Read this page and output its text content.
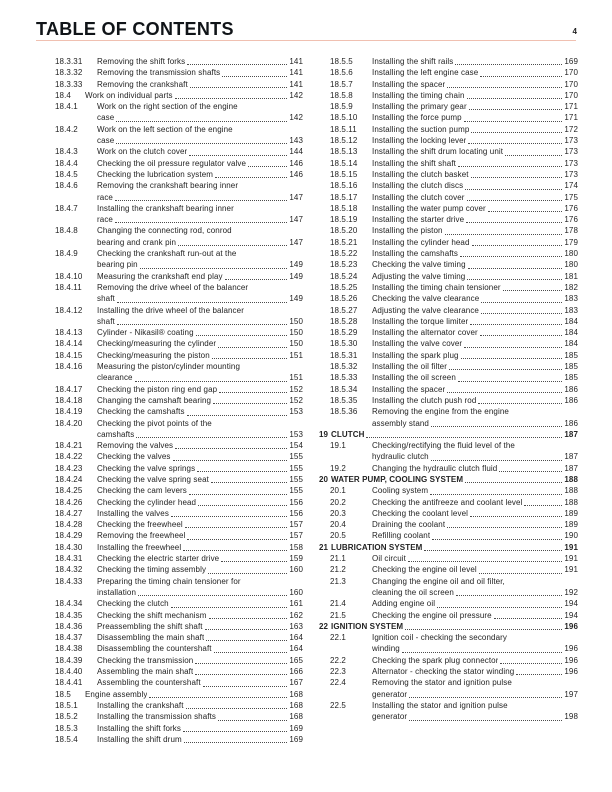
TABLE OF CONTENTS	4
18.3.31	Removing the shift forks	141
18.3.32	Removing the transmission shafts	141
18.3.33	Removing the crankshaft	141
18.4	Work on individual parts	142
18.4.1	Work on the right section of the engine
case	142
18.4.2	Work on the left section of the engine
case	143
18.4.3	Work on the clutch cover	144
18.4.4	Checking the oil pressure regulator valve	146
18.4.5	Checking the lubrication system	146
18.4.6	Removing the crankshaft bearing inner
race	147
18.4.7	Installing the crankshaft bearing inner
race	147
18.4.8	Changing the connecting rod, conrod
bearing and crank pin	147
18.4.9	Checking the crankshaft run-out at the
bearing pin	149
18.4.10	Measuring the crankshaft end play	149
18.4.11	Removing the drive wheel of the balancer
shaft	149
18.4.12	Installing the drive wheel of the balancer
shaft	150
18.4.13	Cylinder - Nikasil® coating	150
18.4.14	Checking/measuring the cylinder	150
18.4.15	Checking/measuring the piston	151
18.4.16	Measuring the piston/cylinder mounting
clearance	151
18.4.17	Checking the piston ring end gap	152
18.4.18	Changing the camshaft bearing	152
18.4.19	Checking the camshafts	153
18.4.20	Checking the pivot points of the
camshafts	153
18.4.21	Removing the valves	154
18.4.22	Checking the valves	155
18.4.23	Checking the valve springs	155
18.4.24	Checking the valve spring seat	155
18.4.25	Checking the cam levers	155
18.4.26	Checking the cylinder head	156
18.4.27	Installing the valves	156
18.4.28	Checking the freewheel	157
18.4.29	Removing the freewheel	157
18.4.30	Installing the freewheel	158
18.4.31	Checking the electric starter drive	159
18.4.32	Checking the timing assembly	160
18.4.33	Preparing the timing chain tensioner for
installation	160
18.4.34	Checking the clutch	161
18.4.35	Checking the shift mechanism	162
18.4.36	Preassembling the shift shaft	163
18.4.37	Disassembling the main shaft	164
18.4.38	Disassembling the countershaft	164
18.4.39	Checking the transmission	165
18.4.40	Assembling the main shaft	166
18.4.41	Assembling the countershaft	167
18.5	Engine assembly	168
18.5.1	Installing the crankshaft	168
18.5.2	Installing the transmission shafts	168
18.5.3	Installing the shift forks	169
18.5.4	Installing the shift drum	169
18.5.5	Installing the shift rails	169
18.5.6	Installing the left engine case	170
18.5.7	Installing the spacer	170
18.5.8	Installing the timing chain	170
18.5.9	Installing the primary gear	171
18.5.10	Installing the force pump	171
18.5.11	Installing the suction pump	172
18.5.12	Installing the locking lever	173
18.5.13	Installing the shift drum locating unit	173
18.5.14	Installing the shift shaft	173
18.5.15	Installing the clutch basket	173
18.5.16	Installing the clutch discs	174
18.5.17	Installing the clutch cover	175
18.5.18	Installing the water pump cover	176
18.5.19	Installing the starter drive	176
18.5.20	Installing the piston	178
18.5.21	Installing the cylinder head	179
18.5.22	Installing the camshafts	180
18.5.23	Checking the valve timing	180
18.5.24	Adjusting the valve timing	181
18.5.25	Installing the timing chain tensioner	182
18.5.26	Checking the valve clearance	183
18.5.27	Adjusting the valve clearance	183
18.5.28	Installing the torque limiter	184
18.5.29	Installing the alternator cover	184
18.5.30	Installing the valve cover	184
18.5.31	Installing the spark plug	185
18.5.32	Installing the oil filter	185
18.5.33	Installing the oil screen	185
18.5.34	Installing the spacer	186
18.5.35	Installing the clutch push rod	186
18.5.36	Removing the engine from the engine
assembly stand	186
19 CLUTCH	187
19.1	Checking/rectifying the fluid level of the
hydraulic clutch	187
19.2	Changing the hydraulic clutch fluid	187
20 WATER PUMP, COOLING SYSTEM	188
20.1	Cooling system	188
20.2	Checking the antifreeze and coolant level	188
20.3	Checking the coolant level	189
20.4	Draining the coolant	189
20.5	Refilling coolant	190
21 LUBRICATION SYSTEM	191
21.1	Oil circuit	191
21.2	Checking the engine oil level	191
21.3	Changing the engine oil and oil filter,
cleaning the oil screen	192
21.4	Adding engine oil	194
21.5	Checking the engine oil pressure	194
22 IGNITION SYSTEM	196
22.1	Ignition coil - checking the secondary
winding	196
22.2	Checking the spark plug connector	196
22.3	Alternator - checking the stator winding	196
22.4	Removing the stator and ignition pulse
generator	197
22.5	Installing the stator and ignition pulse
generator	198
